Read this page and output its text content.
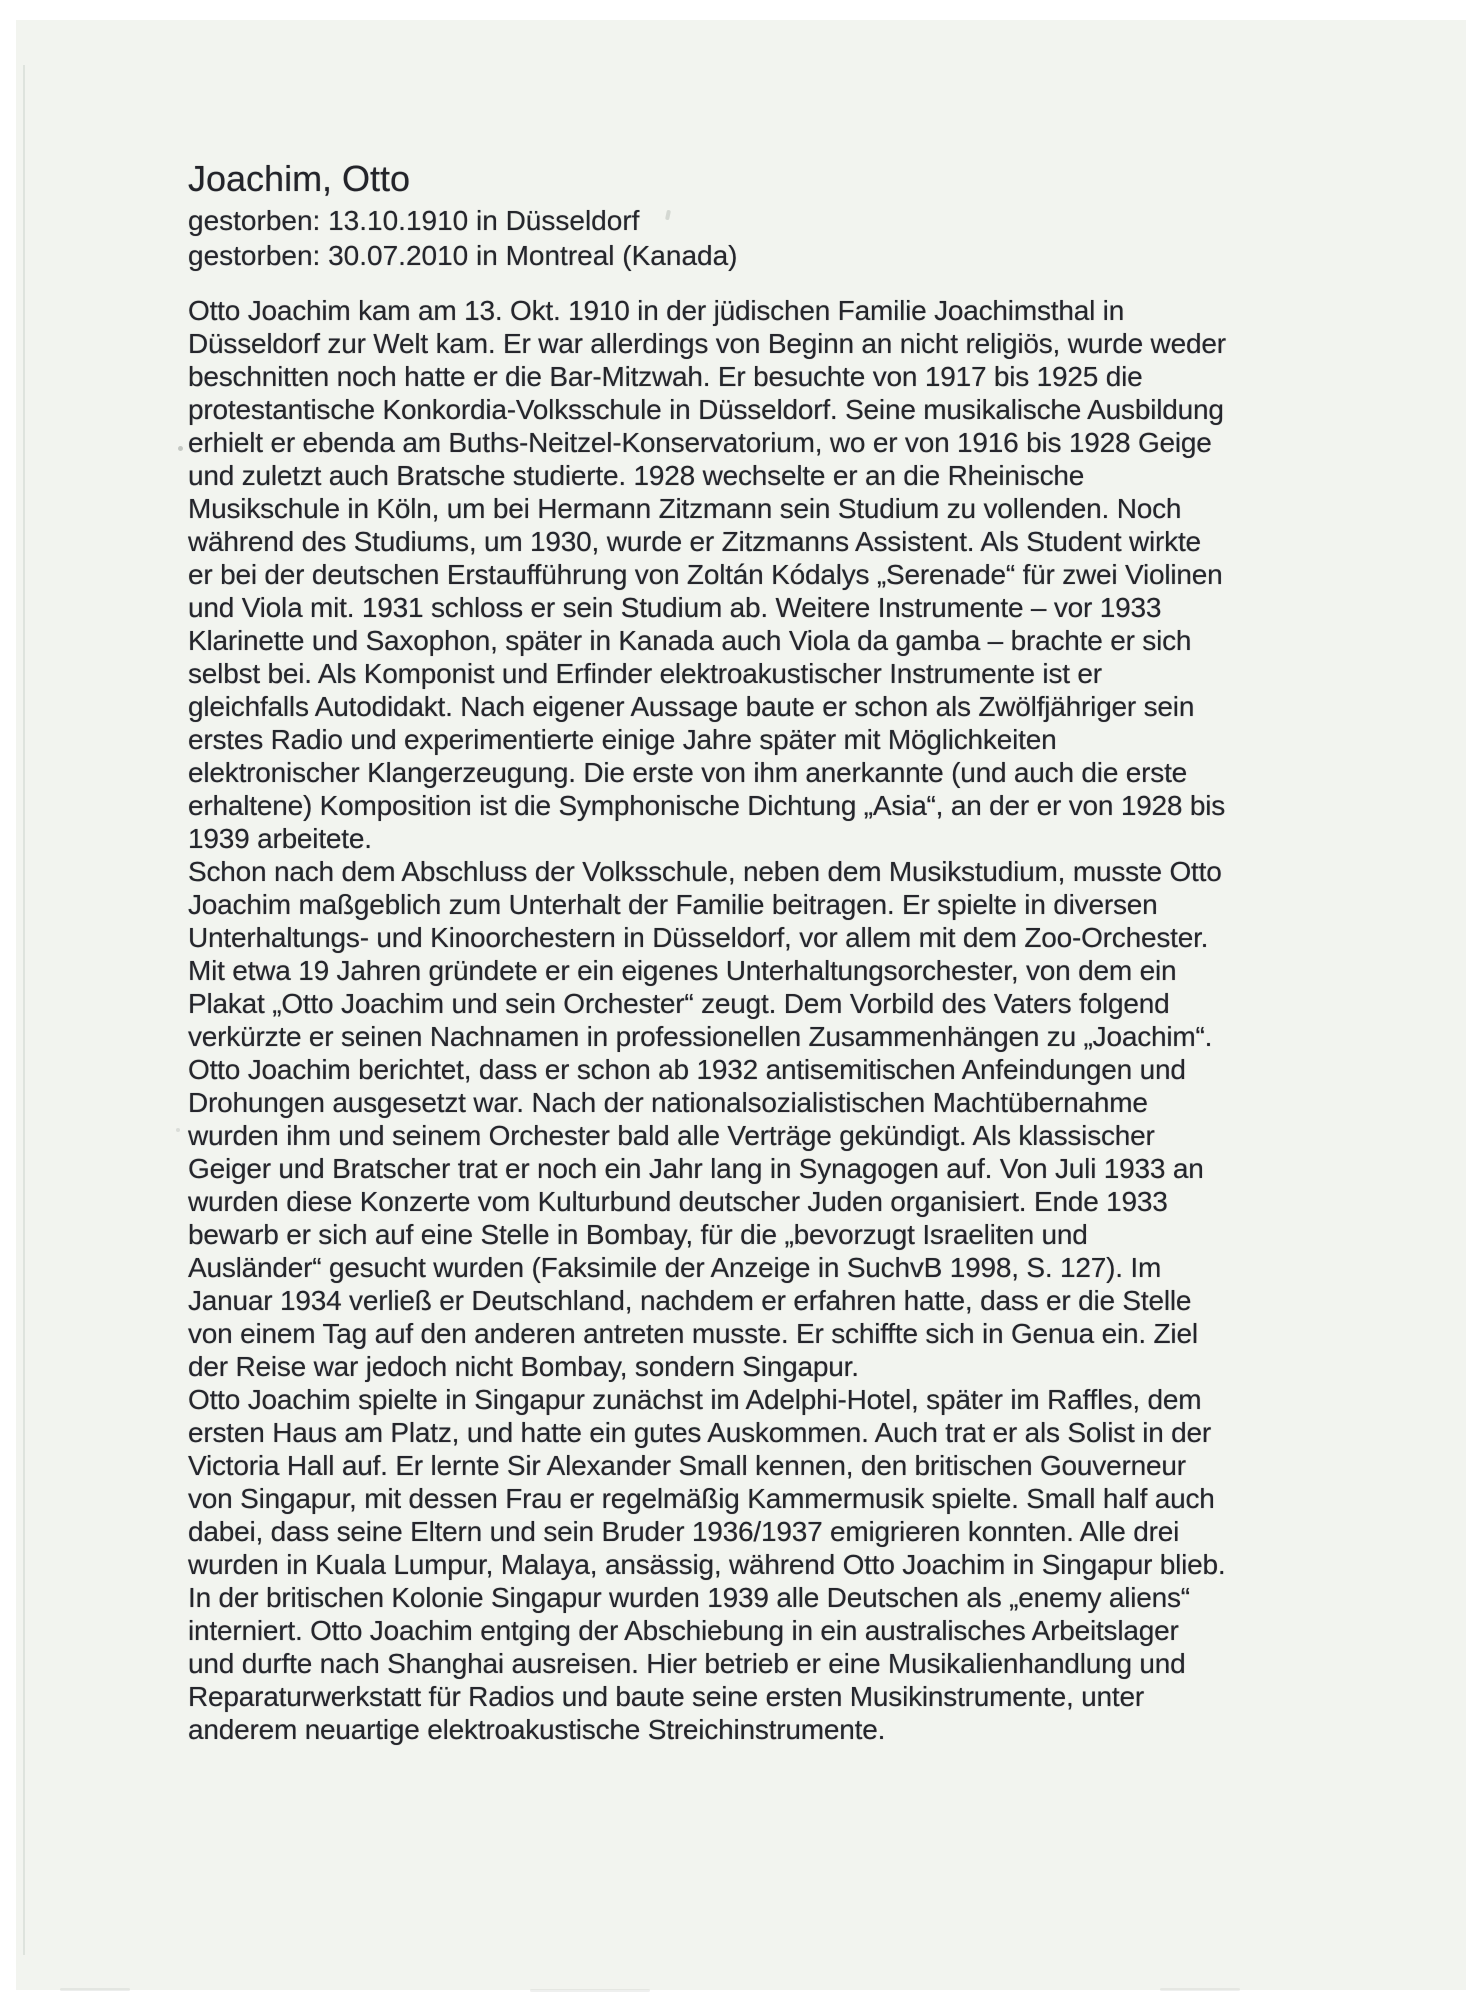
Joachim, Otto
gestorben: 13.10.1910 in Düsseldorf
gestorben: 30.07.2010 in Montreal (Kanada)
Otto Joachim kam am 13. Okt. 1910 in der jüdischen Familie Joachimsthal in
Düsseldorf zur Welt kam. Er war allerdings von Beginn an nicht religiös, wurde weder
beschnitten noch hatte er die Bar-Mitzwah. Er besuchte von 1917 bis 1925 die
protestantische Konkordia-Volksschule in Düsseldorf. Seine musikalische Ausbildung
erhielt er ebenda am Buths-Neitzel-Konservatorium, wo er von 1916 bis 1928 Geige
und zuletzt auch Bratsche studierte. 1928 wechselte er an die Rheinische
Musikschule in Köln, um bei Hermann Zitzmann sein Studium zu vollenden. Noch
während des Studiums, um 1930, wurde er Zitzmanns Assistent. Als Student wirkte
er bei der deutschen Erstaufführung von Zoltán Kódalys „Serenade“ für zwei Violinen
und Viola mit. 1931 schloss er sein Studium ab. Weitere Instrumente – vor 1933
Klarinette und Saxophon, später in Kanada auch Viola da gamba – brachte er sich
selbst bei. Als Komponist und Erfinder elektroakustischer Instrumente ist er
gleichfalls Autodidakt. Nach eigener Aussage baute er schon als Zwölfjähriger sein
erstes Radio und experimentierte einige Jahre später mit Möglichkeiten
elektronischer Klangerzeugung. Die erste von ihm anerkannte (und auch die erste
erhaltene) Komposition ist die Symphonische Dichtung „Asia“, an der er von 1928 bis
1939 arbeitete.
Schon nach dem Abschluss der Volksschule, neben dem Musikstudium, musste Otto
Joachim maßgeblich zum Unterhalt der Familie beitragen. Er spielte in diversen
Unterhaltungs- und Kinoorchestern in Düsseldorf, vor allem mit dem Zoo-Orchester.
Mit etwa 19 Jahren gründete er ein eigenes Unterhaltungsorchester, von dem ein
Plakat „Otto Joachim und sein Orchester“ zeugt. Dem Vorbild des Vaters folgend
verkürzte er seinen Nachnamen in professionellen Zusammenhängen zu „Joachim“.
Otto Joachim berichtet, dass er schon ab 1932 antisemitischen Anfeindungen und
Drohungen ausgesetzt war. Nach der nationalsozialistischen Machtübernahme
wurden ihm und seinem Orchester bald alle Verträge gekündigt. Als klassischer
Geiger und Bratscher trat er noch ein Jahr lang in Synagogen auf. Von Juli 1933 an
wurden diese Konzerte vom Kulturbund deutscher Juden organisiert. Ende 1933
bewarb er sich auf eine Stelle in Bombay, für die „bevorzugt Israeliten und
Ausländer“ gesucht wurden (Faksimile der Anzeige in SuchvB 1998, S. 127). Im
Januar 1934 verließ er Deutschland, nachdem er erfahren hatte, dass er die Stelle
von einem Tag auf den anderen antreten musste. Er schiffte sich in Genua ein. Ziel
der Reise war jedoch nicht Bombay, sondern Singapur.
Otto Joachim spielte in Singapur zunächst im Adelphi-Hotel, später im Raffles, dem
ersten Haus am Platz, und hatte ein gutes Auskommen. Auch trat er als Solist in der
Victoria Hall auf. Er lernte Sir Alexander Small kennen, den britischen Gouverneur
von Singapur, mit dessen Frau er regelmäßig Kammermusik spielte. Small half auch
dabei, dass seine Eltern und sein Bruder 1936/1937 emigrieren konnten. Alle drei
wurden in Kuala Lumpur, Malaya, ansässig, während Otto Joachim in Singapur blieb.
In der britischen Kolonie Singapur wurden 1939 alle Deutschen als „enemy aliens“
interniert. Otto Joachim entging der Abschiebung in ein australisches Arbeitslager
und durfte nach Shanghai ausreisen. Hier betrieb er eine Musikalienhandlung und
Reparaturwerkstatt für Radios und baute seine ersten Musikinstrumente, unter
anderem neuartige elektroakustische Streichinstrumente.
